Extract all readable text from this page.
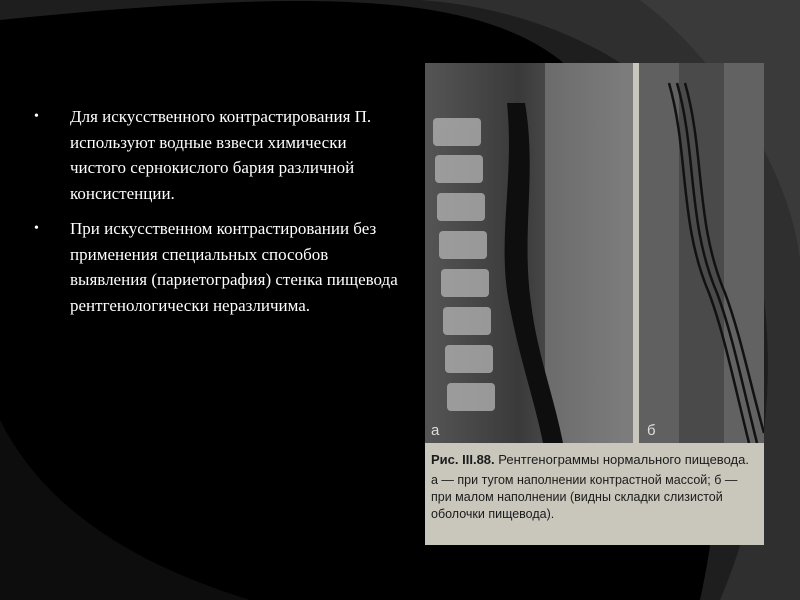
• Для искусственного контрастирования П. используют водные взвеси химически чистого сернокислого бария различной консистенции.
• При искусственном контрастировании без применения специальных способов выявления (париетография) стенка пищевода рентгенологически неразличима.
а	б
Рис. III.88. Рентгенограммы нормального пищевода.
а — при тугом наполнении контрастной массой; б — при малом наполнении (видны складки слизистой оболочки пищевода).
